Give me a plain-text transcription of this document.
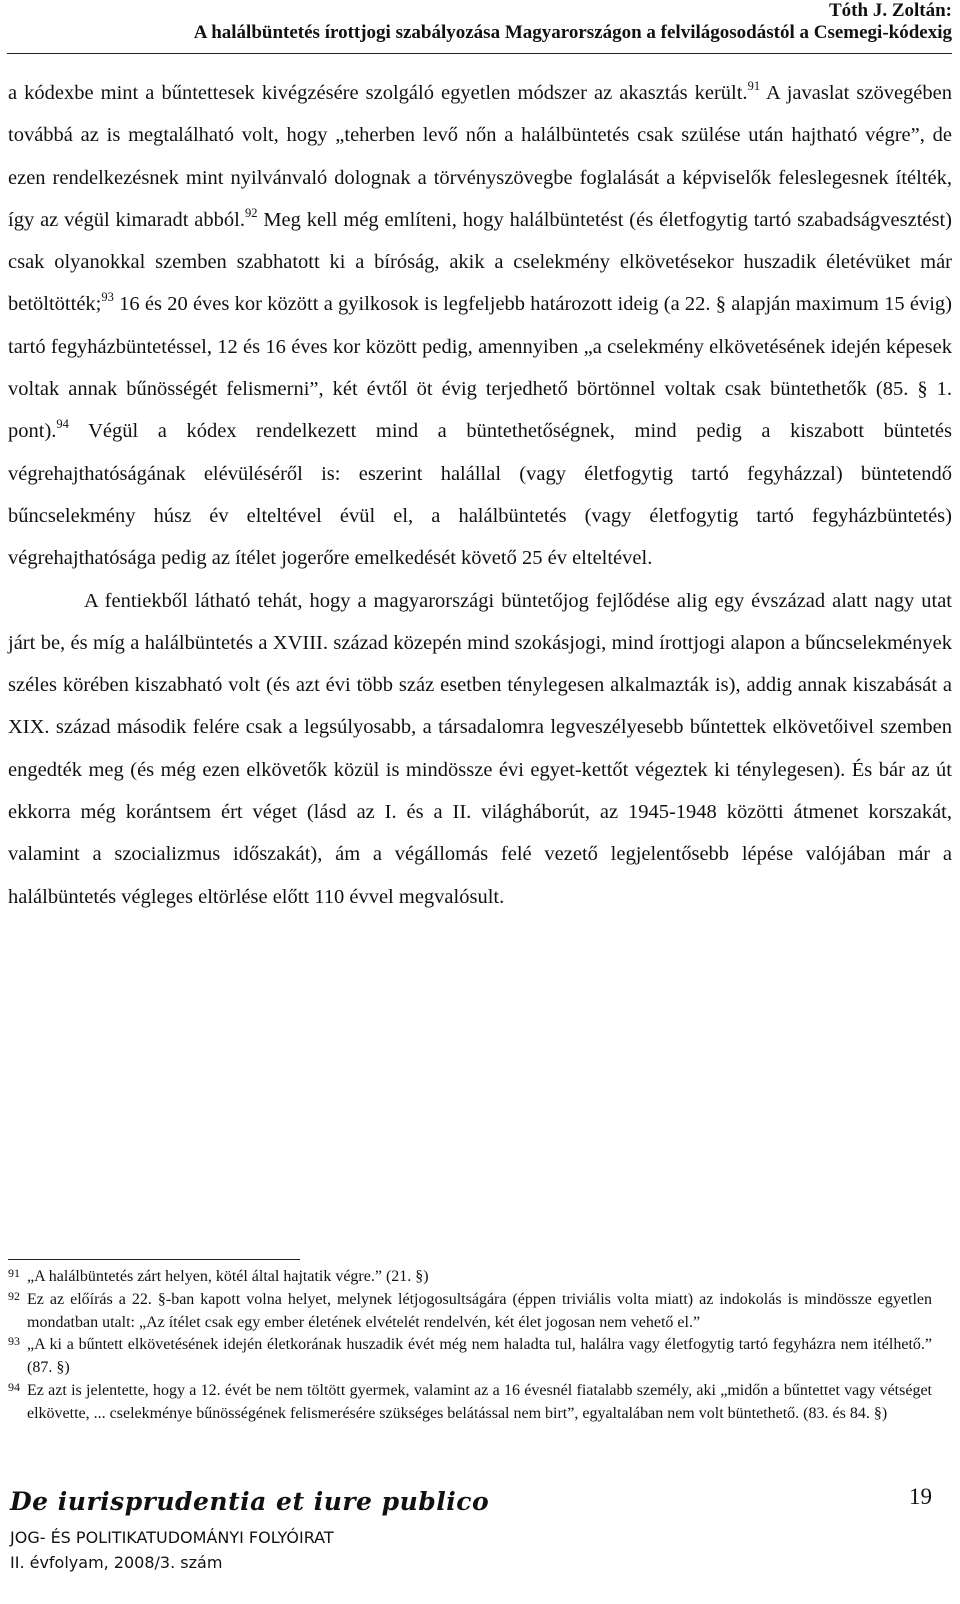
Tóth J. Zoltán:
A halálbüntetés írottjogi szabályozása Magyarországon a felvilágosodástól a Csemegi-kódexig

a kódexbe mint a bűntettesek kivégzésére szolgáló egyetlen módszer az akasztás került.$^{91}$ A javaslat szövegében továbbá az is megtalálható volt, hogy „teherben levő nőn a halálbüntetés csak szülése után hajtható végre”, de ezen rendelkezésnek mint nyilvánvaló dolognak a törvényszövegbe foglalását a képviselők feleslegesnek ítélték, így az végül kimaradt abból.$^{92}$ Meg kell még említeni, hogy halálbüntetést (és életfogytig tartó szabadságvesztést) csak olyanokkal szemben szabhatott ki a bíróság, akik a cselekmény elkövetésekor huszadik életévüket már betöltötték;$^{93}$ 16 és 20 éves kor között a gyilkosok is legfeljebb határozott ideig (a 22. § alapján maximum 15 évig) tartó fegyházbüntetéssel, 12 és 16 éves kor között pedig, amennyiben „a cselekmény elkövetésének idején képesek voltak annak bűnösségét felismerni”, két évtől öt évig terjedhető börtönnel voltak csak büntethetők (85. § 1. pont).$^{94}$ Végül a kódex rendelkezett mind a büntethetőségnek, mind pedig a kiszabott büntetés végrehajthatóságának elévüléséről is: eszerint halállal (vagy életfogytig tartó fegyházzal) büntetendő bűncselekmény húsz év elteltével évül el, a halálbüntetés (vagy életfogytig tartó fegyházbüntetés) végrehajthatósága pedig az ítélet jogerőre emelkedését követő 25 év elteltével.

A fentiekből látható tehát, hogy a magyarországi büntetőjog fejlődése alig egy évszázad alatt nagy utat járt be, és míg a halálbüntetés a XVIII. század közepén mind szokásjogi, mind írottjogi alapon a bűncselekmények széles körében kiszabható volt (és azt évi több száz esetben ténylegesen alkalmazták is), addig annak kiszabását a XIX. század második felére csak a legsúlyosabb, a társadalomra legveszélyesebb bűntettek elkövetőivel szemben engedték meg (és még ezen elkövetők közül is mindössze évi egyet-kettőt végeztek ki ténylegesen). És bár az út ekkorra még korántsem ért véget (lásd az I. és a II. világháborút, az 1945-1948 közötti átmenet korszakát, valamint a szocializmus időszakát), ám a végállomás felé vezető legjelentősebb lépése valójában már a halálbüntetés végleges eltörlése előtt 110 évvel megvalósult.

91 „A halálbüntetés zárt helyen, kötél által hajtatik végre.” (21. §)
92 Ez az előírás a 22. §-ban kapott volna helyet, melynek létjogosultságára (éppen triviális volta miatt) az indokolás is mindössze egyetlen mondatban utalt: „Az ítélet csak egy ember életének elvételét rendelvén, két élet jogosan nem vehető el.”
93 „A ki a bűntett elkövetésének idején életkorának huszadik évét még nem haladta tul, halálra vagy életfogytig tartó fegyházra nem itélhető.” (87. §)
94 Ez azt is jelentette, hogy a 12. évét be nem töltött gyermek, valamint az a 16 évesnél fiatalabb személy, aki „midőn a bűntettet vagy vétséget elkövette, ... cselekménye bűnösségének felismerésére szükséges belátással nem birt”, egyaltalában nem volt büntethető. (83. és 84. §)
De iurisprudentia et iure publico	19
JOG- ÉS POLITIKATUDOMÁNYI FOLYÓIRAT
II. évfolyam, 2008/3. szám
